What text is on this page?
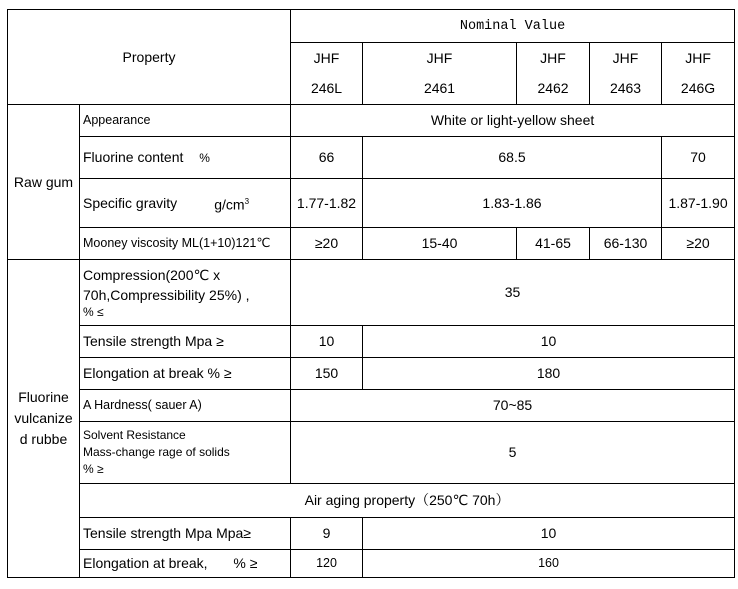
Property		Nominal Value				
		JHF	JHF	JHF	JHF	JHF
		246L	2461	2462	2463	246G
Raw gum	Appearance	White or light-yellow sheet				
	Fluorine content %	66	68.5			70

	Specific gravity $g/cm^3$	1.77-1.82	1.83-1.86			1.87-1.90
	Mooney viscosity ML(1+10)121℃	≥20	15-40	41-65	66-130	≥20
Fluorine vulcanize d rubbe	Compression(200℃ x
70h,Compressibility 25%) ,
% ≤	35				
	Tensile strength Mpa ≥	10	10			
	Elongation at break % ≥	150	180			
	A Hardness( sauer A)	70~85				

	Solvent Resistance
Mass-change rage of solids
% ≥	5				
	Air aging property（250℃ 70h）					
	Tensile strength Mpa Mpa≥	9	10			
	Elongation at break, % ≥	120	160			
